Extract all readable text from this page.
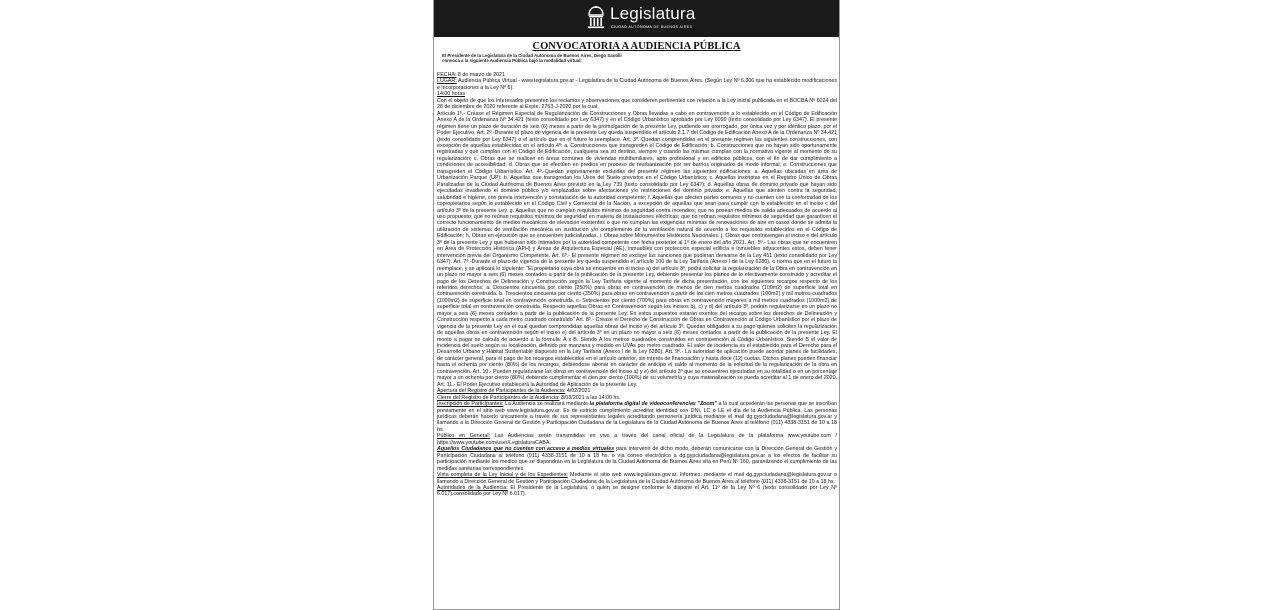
Legislatura
CIUDAD AUTÓNOMA DE BUENOS AIRES
CONVOCATORIA A AUDIENCIA PÚBLICA
El Presidente de la Legislatura de la Ciudad Autónoma de Buenos Aires, Diego Santilli
convoca a la siguiente Audiencia Pública bajo la modalidad virtual:

FECHA: 8 de marzo de 2021

LUGAR: Audiencia Pública Virtual - www.legislatura.gov.ar - Legislatura de la Ciudad Autónoma de Buenos Aires. (Según Ley Nº 6.306 que ha establecido modificaciones e incorporaciones a la Ley Nº 6).

14:00 horas

Con el objeto de que los interesados presenten los reclamos y observaciones que consideren pertinentes con relación a la Ley inicial publicada en el BOCBA Nº 6024 del 28 de diciembre de 2020 referente al Expte. 2763-J-2020 por la cual:

Artículo 1º.- Créase el Régimen Especial de Regularización de Construcciones y Obras llevadas a cabo en contravención a lo establecido en el Código de Edificación Anexo A de la Ordenanza Nº 34.421 (texto consolidado por Ley 6347) y en el Código Urbanístico aprobado por Ley 6099 (texto consolidado por Ley 6347). El presente régimen tiene un plazo de duración de seis (6) meses a partir de la promulgación de la presente Ley, pudiendo ser prorrogado, por única vez y por idéntico plazo, por el Poder Ejecutivo. Art. 2º.-Durante el plazo de vigencia de la presente Ley queda suspendido el artículo 2.1.7 del Código de Edificación Anexo A de la Ordenanza Nº 34.421 (texto consolidado por Ley 6347) o el artículo que en el futuro lo reemplace. Art. 3º.-Quedan comprendidas en el presente régimen las siguientes construcciones, con excepción de aquellas establecidas en el artículo 4º: a. Construcciones que transgreden el Código de Edificación; b. Construcciones que no hayan sido oportunamente registradas y que cumplan con el Código de Edificación, cualquiera sea su destino, siempre y cuando las mismas cumplan con la normativa vigente al momento de su regularización; c. Obras que se realicen en áreas comunes de viviendas multifamiliares, apto profesional y en edificios públicos, con el fin de dar cumplimiento a condiciones de accesibilidad; d. Obras que se efectúen en predios en proceso de reurbanización por ser barrios originados de modo informal; e. Construcciones que transgreden el Código Urbanístico. Art. 4º.-Quedan expresamente excluidas del presente régimen las siguientes edificaciones: a. Aquellas ubicadas en área de Urbanización Parque (UP); b. Aquellas que transgredan los Usos del Suelo previstos en el Código Urbanístico; c. Aquellas inscriptas en el Registro Único de Obras Paralizadas de la Ciudad Autónoma de Buenos Aires previsto en la Ley 739 (texto consolidado por Ley 6347); d. Aquellas obras de dominio privado que hayan sido ejecutadas invadiendo el dominio público y/o emplazadas sobre afectaciones y/o restricciones del dominio privado; e. Aquellas que atenten contra la seguridad, salubridad e higiene, con previa intervención y constatación de la autoridad competente; f. Aquellas que afecten partes comunes y no cuenten con la conformidad de los copropietarios según lo establecido en el Código Civil y Comercial de la Nación, a excepción de aquellas que sean para cumplir con lo establecido en el inciso c del artículo 3º de la presente Ley. g. Aquellas que no cumplan requisitos mínimos de seguridad contra incendios; que no posean medios de salida adecuados de acuerdo al uso propuesto; que no reúnan requisitos mínimos de seguridad en materia de instalaciones eléctricas; que no reúnan requisitos mínimos de seguridad que garanticen el correcto funcionamiento de medios mecánicos de elevación existentes o que no cumplan las exigencias mínimas de renovaciones de aire en casos donde se admita la utilización de sistemas de ventilación mecánica en sustitución y/o complemento de la ventilación natural de acuerdo a los requisitos establecidos en el Código de Edificación; h. Obras en ejecución que se encuentren judicializadas. i. Obras sobre Monumentos Históricos Nacionales. j. Obras que contravengan el inciso e del artículo 3º de la presente Ley y que hubieran sido intimados por la autoridad competente con fecha posterior al 1º de enero del año 2021. Art. 5º.- Las obras que se encuentren en Área de Protección Histórica (APH) y Áreas de Arquitectura Especial (AE), inmuebles con protección especial edilicia e inmuebles adyacentes estos, deben tener intervención previa del Organismo Competente. Art. 6º.- El presente régimen no excluye las sanciones que pudieran derivarse de la Ley 451 (texto consolidado por Ley 6347). Art. 7º.-Durante el plazo de vigencia de la presente ley queda suspendido el artículo 100 de la Ley Tarifaria (Anexo I de la Ley 6280), o norma que en el futuro la reemplace, y se aplicará lo siguiente: "El propietario cuya obra se encuentre en el inciso a) del artículo 3º, podrá solicitar la regularización de la Obra en contravención en un plazo no mayor a seis (6) meses contados a partir de la publicación de la presente Ley, debiendo presentar los planos de lo efectivamente construido y acreditar el pago de los Derechos de Delineación y Construcción según la Ley Tarifaria vigente al momento de dicha presentación, con los siguientes recargos respecto de los referidos derechos: a. Doscientos cincuenta por ciento (250%) para obras en contravención de menos de cien metros cuadrados (100m2) de superficie total en contravención construida. b. Trescientos cincuenta por ciento (350%) para obras en contravención a partir de los cien metros cuadrados (100m2) y mil metros cuadrados (1000m2) de superficie total en contravención construida. c. Setecientos por ciento (700%) para obras en contravención mayores a mil metros cuadrados (1000m2) de superficie total en contravención construida. Respecto aquellas Obras en Contravención según los incisos b), c) y d) del artículo 3º, podrán regularizarse en un plazo no mayor a seis (6) meses contados a partir de la publicación de la presente Ley. En estos supuestos estarán exentos del recargo sobre los derechos de Delineación y Construcción respecto a cada metro cuadrado construido" Art. 8º.- Créase el Derecho de Construcción de Obras en Contravención al Código Urbanístico por el plazo de vigencia de la presente Ley en el cual quedan comprendidas aquellas obras del inciso e) del artículo 3º. Quedan obligados a su pago quienes soliciten la regularización de aquellas obras en contravención según el inciso e) del artículo 3º en un plazo no mayor a seis (6) meses contados a partir de la publicación de la presente Ley. El monto a pagar se calcula de acuerdo a la fórmula: A x B. Siendo A los metros cuadrados construidos en contravención al Código Urbanístico. Siendo B el valor de incidencia del suelo según su localización, definido por manzana y medido en UVAs por metro cuadrado. El valor de incidencia es el establecido para el Derecho para el Desarrollo Urbano y Hábitat Sustentable dispuesto en la Ley Tarifaria (Anexo I de la Ley 6280). Art. 9º.- La autoridad de aplicación puede acordar planes de facilidades, de carácter general, para el pago de los recargos establecidos en el artículo anterior, sin interés de financiación y hasta doce (12) cuotas. Dichos planes pueden financiar hasta el ochenta por ciento (80%) de los recargos, debiéndose abonar en carácter de anticipo el saldo al momento de la solicitud de la regularización de la obra en contravención. Art. 10.- Pueden regularizarse las obras en contravención del inciso a) y e) del artículo 3º que se encuentren ejecutadas en su totalidad o en un porcentaje mayor a un ochenta por ciento (80%) debiendo cumplimentar el cien por ciento (100%) de su volumetría y cuya materialización se pueda acreditar al 1 de enero del 2020. Art. 11.- El Poder Ejecutivo establecerá la Autoridad de Aplicación de la presente Ley.

Apertura del Registro de Participantes de la Audiencia: 4/02/2021

Cierre del Registro de Participantes de la Audiencia: 3/03/2021 a las 14:00 hs.

Inscripción de Participantes: La Audiencia se realizará mediante la plataforma digital de videoconferencias "Zoom" a la cual accederán las personas que se inscriban previamente en el sitio web www.legislatura.gov.ar. Es de estricto cumplimiento acreditar identidad con DNI, LC o LE el día de la Audiencia Pública. Las personas jurídicas deberán hacerlo únicamente a través de sus representantes legales acreditando personería jurídica mediante el mail dg.gypciudadana@legislatura.gov.ar y llamando a la Dirección General de Gestión y Participación Ciudadana de la Legislatura de la Ciudad Autónoma de Buenos Aires al teléfono (011) 4338-3151 de 10 a 18 hs.

Público en General: Las Audiencias serán transmitidas en vivo a través del canal oficial de la Legislatura de la plataforma www.youtube.com / https://www.youtube.com/user/LegislaturaCABA.

Aquellos Ciudadanos que no cuenten con acceso a medios virtuales para intervenir de dicho modo, deberán comunicarse con la Dirección General de Gestión y Participación Ciudadana al teléfono (011) 4338-3151 de 10 a 18 hs. o vía correo electrónico a dg.gypciudadana@legislatura.gov.ar a los efectos de facilitar su participación mediante los medios que se dispondrán en la Legislatura de la Ciudad Autónoma de Buenos Aires sita en Perú Nº 160, garantizando el cumplimiento de las medidas sanitarias correspondientes.

Vista completa de la Ley Inicial y de los Expedientes: Mediante el sitio web www.legislatura.gov.ar. Informes: mediante el mail dg.gypciudadana@legislatura.gov.ar o llamando a Dirección General de Gestión y Participación Ciudadana de la Legislatura de la Ciudad Autónoma de Buenos Aires al teléfono (011) 4338-3151 de 10 a 18 hs.

Autoridades de la Audiencia: El Presidente de la Legislatura, o quien se designe conforme lo dispone el Art. 11º de la Ley Nº 6 (texto consolidado por Ley Nº 6.017).consolidado por Ley Nº 6.017).
